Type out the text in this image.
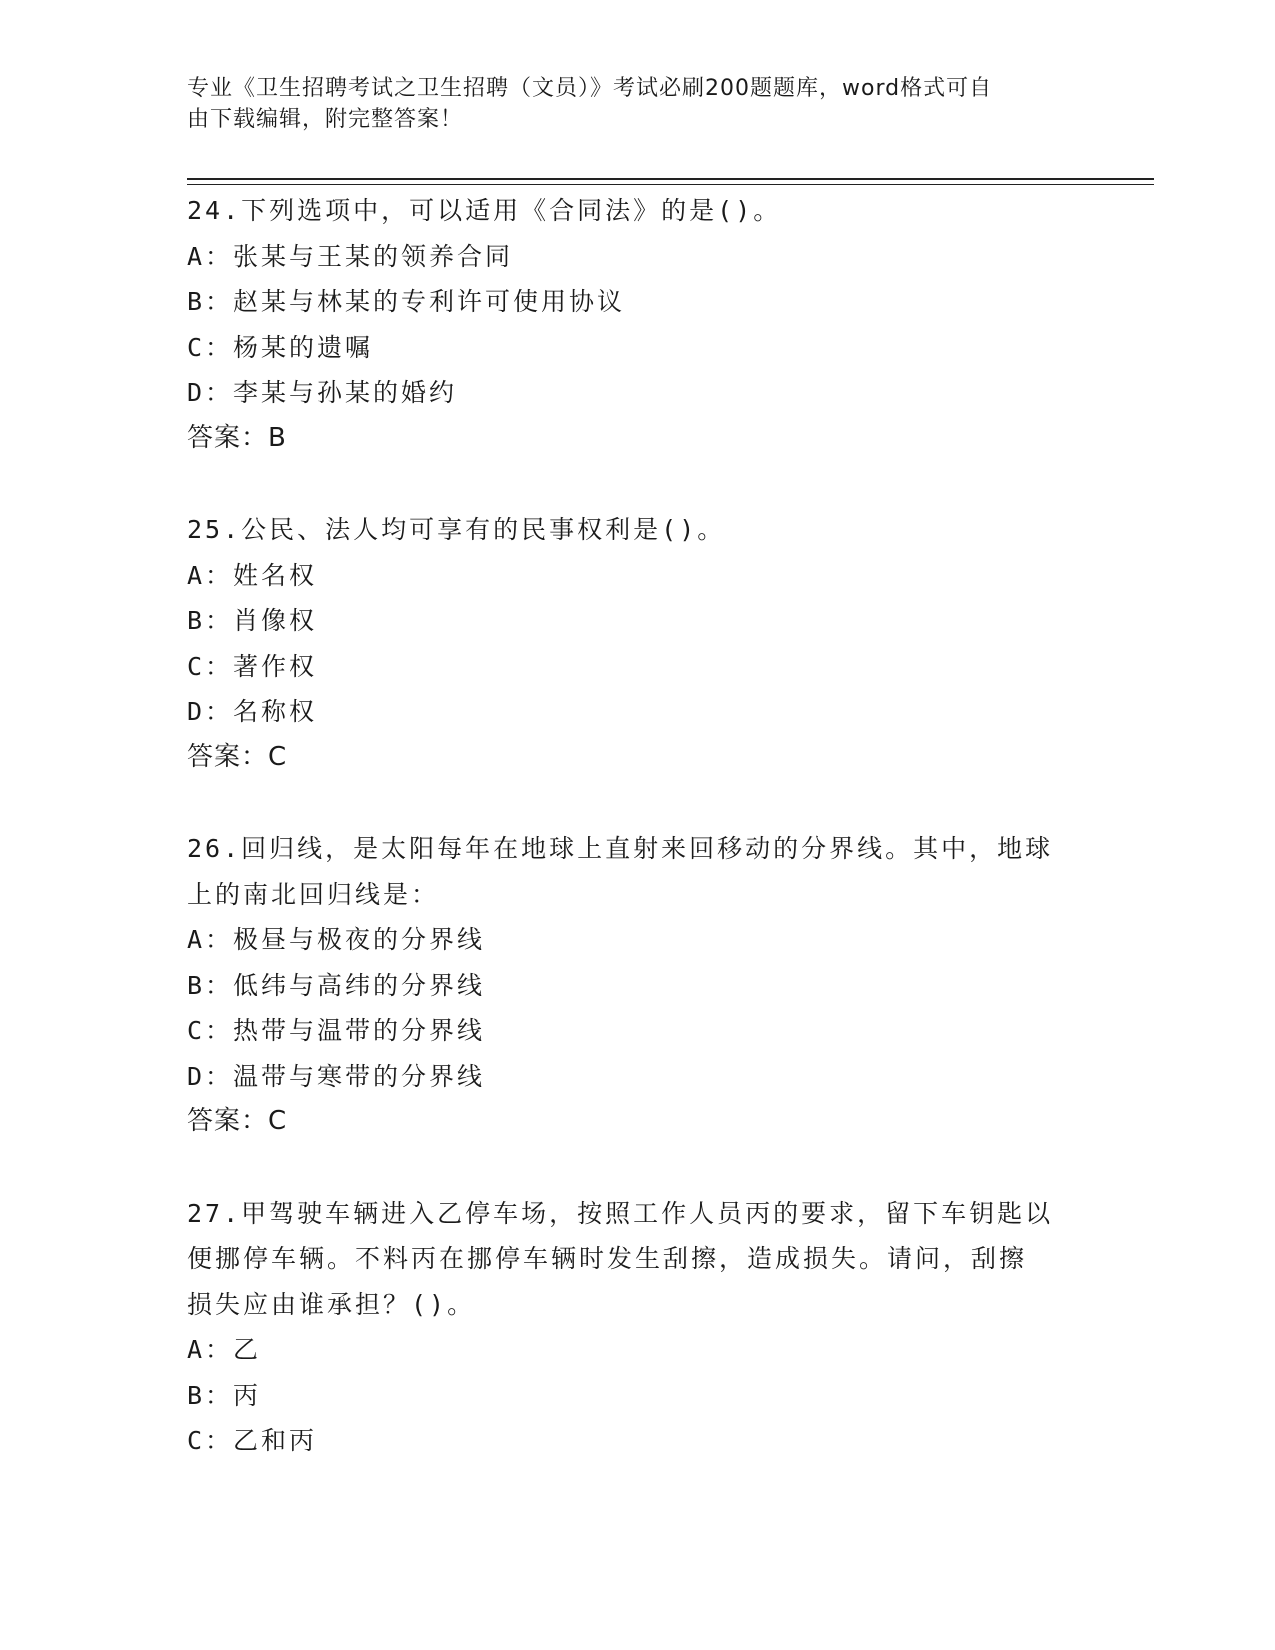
专业《卫生招聘考试之卫生招聘（文员）》考试必刷200题题库，word格式可自
由下载编辑，附完整答案！

24.下列选项中，可以适用《合同法》的是()。

A：张某与王某的领养合同

B：赵某与林某的专利许可使用协议

C：杨某的遗嘱

D：李某与孙某的婚约

答案：B

25.公民、法人均可享有的民事权利是()。

A：姓名权

B：肖像权

C：著作权

D：名称权

答案：C

26.回归线，是太阳每年在地球上直射来回移动的分界线。其中，地球

上的南北回归线是：

A：极昼与极夜的分界线

B：低纬与高纬的分界线

C：热带与温带的分界线

D：温带与寒带的分界线

答案：C

27.甲驾驶车辆进入乙停车场，按照工作人员丙的要求，留下车钥匙以

便挪停车辆。不料丙在挪停车辆时发生刮擦，造成损失。请问，刮擦

损失应由谁承担？()。

A：乙

B：丙

C：乙和丙
